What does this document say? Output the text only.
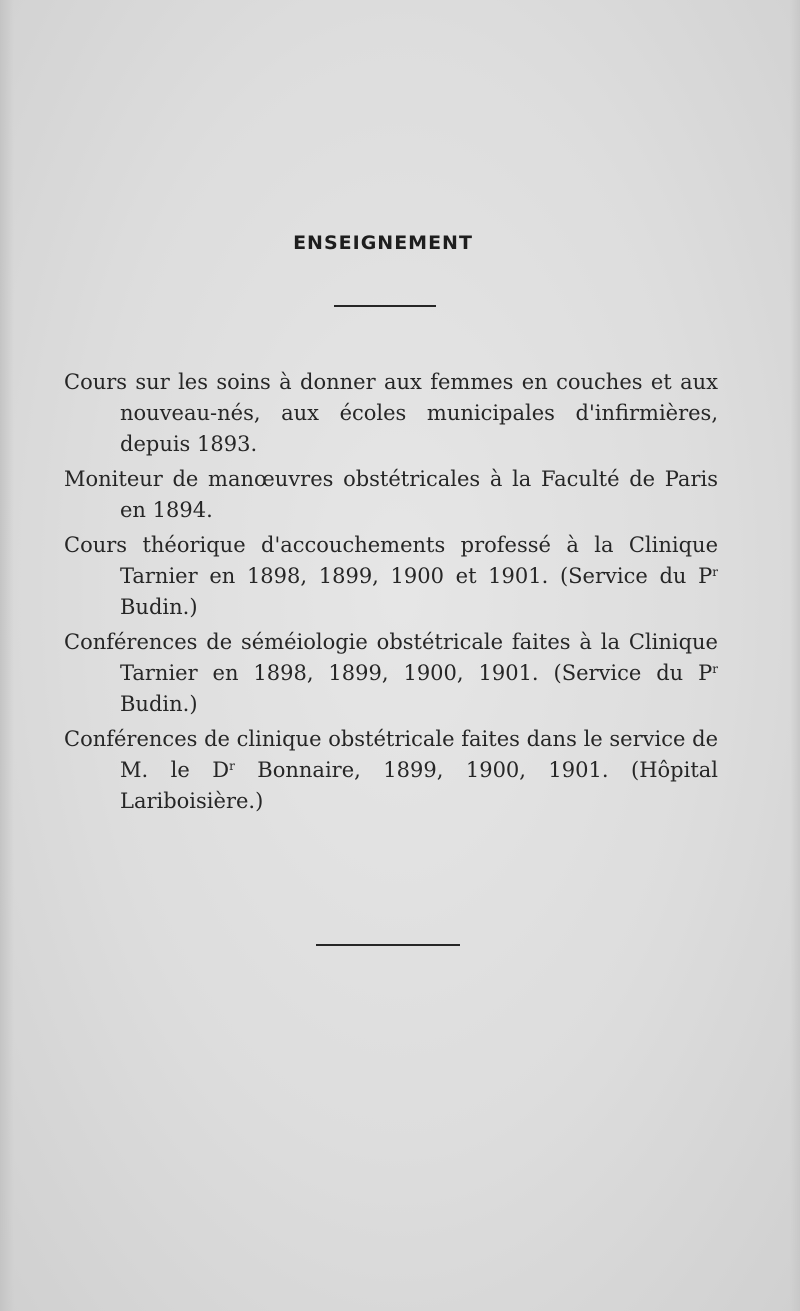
ENSEIGNEMENT
Cours sur les soins à donner aux femmes en couches et aux nouveau-nés, aux écoles municipales d'infirmières, depuis 1893.
Moniteur de manœuvres obstétricales à la Faculté de Paris en 1894.
Cours théorique d'accouchements professé à la Clinique Tarnier en 1898, 1899, 1900 et 1901. (Service du $P^r$ Budin.)
Conférences de séméiologie obstétricale faites à la Clinique Tarnier en 1898, 1899, 1900, 1901. (Service du $P^r$ Budin.)
Conférences de clinique obstétricale faites dans le service de M. le $D^r$ Bonnaire, 1899, 1900, 1901. (Hôpital Lariboisière.)
